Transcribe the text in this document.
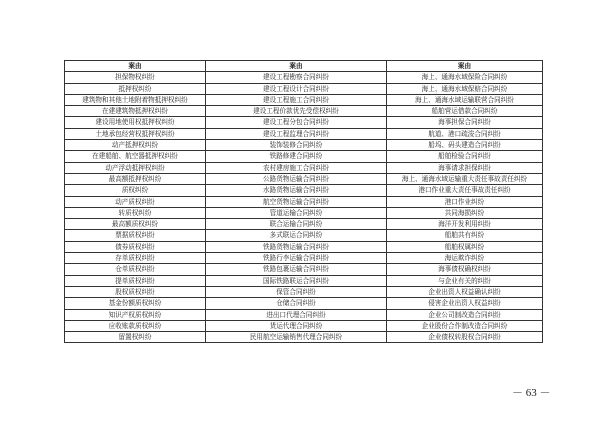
案由	案由	案由
担保物权纠纷	建设工程勘察合同纠纷	海上、通海水域保险合同纠纷
抵押权纠纷	建设工程设计合同纠纷	海上、通海水域保赔合同纠纷
建筑物和其他土地附着物抵押权纠纷	建设工程施工合同纠纷	海上、通海水域运输联营合同纠纷
在建建筑物抵押权纠纷	建设工程价款优先受偿权纠纷	船舶营运借款合同纠纷
建设用地使用权抵押权纠纷	建设工程分包合同纠纷	海事担保合同纠纷
土地承包经营权抵押权纠纷	建设工程监理合同纠纷	航道、港口疏浚合同纠纷
动产抵押权纠纷	装饰装修合同纠纷	船坞、码头建造合同纠纷
在建船舶、航空器抵押权纠纷	铁路修建合同纠纷	船舶检验合同纠纷
动产浮动抵押权纠纷	农村建房施工合同纠纷	海事请求担保纠纷
最高额抵押权纠纷	公路货物运输合同纠纷	海上、通海水域运输重大责任事故责任纠纷
质权纠纷	水路货物运输合同纠纷	港口作业重大责任事故责任纠纷
动产质权纠纷	航空货物运输合同纠纷	港口作业纠纷
转质权纠纷	管道运输合同纠纷	共同海损纠纷
最高额质权纠纷	联合运输合同纠纷	海洋开发利用纠纷
票据质权纠纷	多式联运合同纠纷	船舶共有纠纷
债券质权纠纷	铁路货物运输合同纠纷	船舶权属纠纷
存单质权纠纷	铁路行李运输合同纠纷	海运欺诈纠纷
仓单质权纠纷	铁路包裹运输合同纠纷	海事债权确权纠纷
提单质权纠纷	国际铁路联运合同纠纷	与企业有关的纠纷
股权质权纠纷	保管合同纠纷	企业出资人权益确认纠纷
基金份额质权纠纷	仓储合同纠纷	侵害企业出资人权益纠纷
知识产权质权纠纷	进出口代理合同纠纷	企业公司制改造合同纠纷
应收账款质权纠纷	货运代理合同纠纷	企业股份合作制改造合同纠纷
留置权纠纷	民用航空运输销售代理合同纠纷	企业债权转股权合同纠纷
－ 63 －
